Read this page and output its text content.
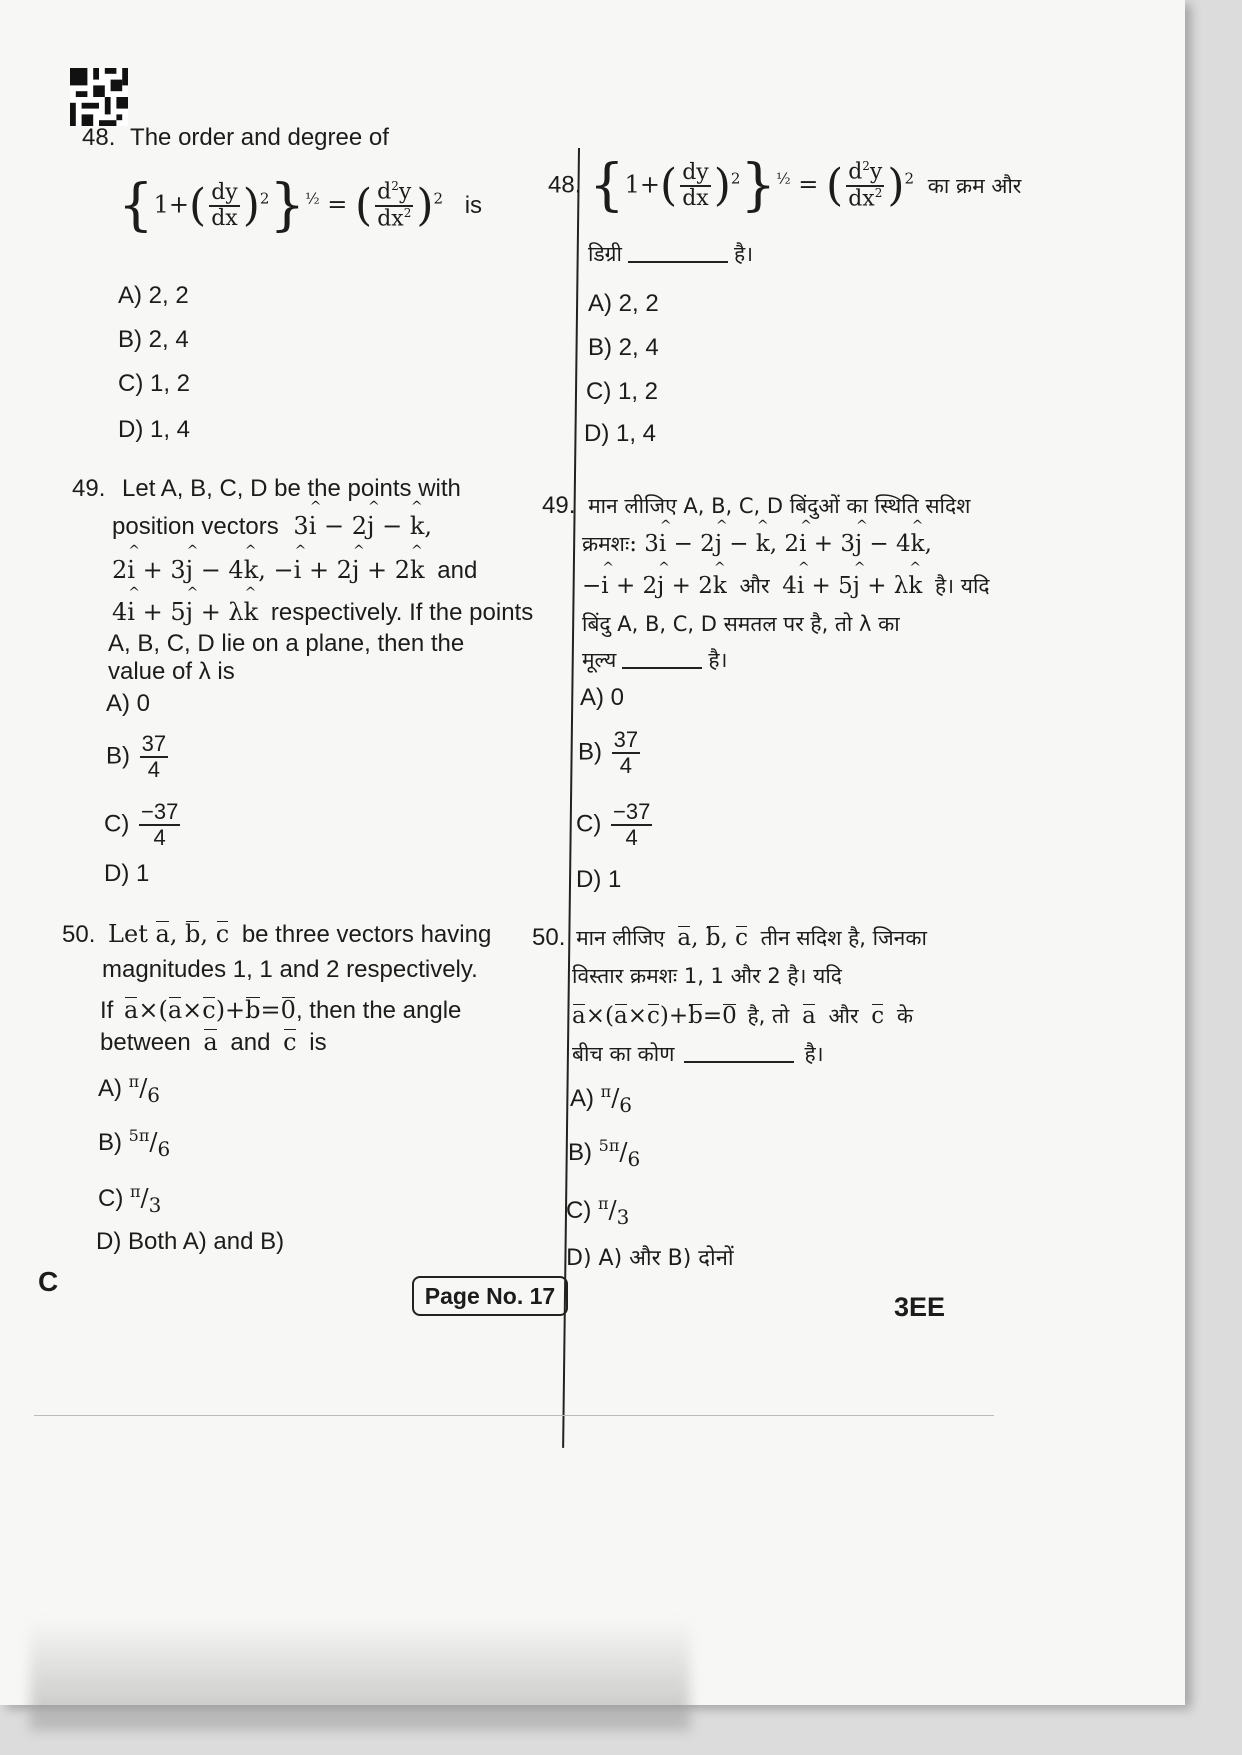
48. The order and degree of
$\{1+( \frac{dy}{dx} )^2\}^{\frac{1}{2}}$ = ( $\frac{d^2y}{dx^2} )^2$ is
A) 2, 2
B) 2, 4
C) 1, 2
D) 1, 4
49. Let A, B, C, D be the points with
position vectors 3i ^ − 2j ^ − k ^,
2i ^ + 3j ^ − 4k ^, −i ^ + 2j ^ + 2k ^ and
4i ^ + 5j ^ + λk ^ respectively. If the points
A, B, C, D lie on a plane, then the
value of λ is
A) 0
$B) \frac{37}{4}$
$C) \frac{-37}{4}$
D) 1
50. Let a, b, c be three vectors having
magnitudes 1, 1 and 2 respectively.
If a×(a×c)+b=0, then the angle
between a and c is
A) $^\pi/_6$
B) $^{5\pi}/_6$
C) $^\pi/_3$
D) Both A) and B)
48. $\{1+( \frac{dy}{dx} )^2\}^{\frac{1}{2}}$ = ( $\frac{d^2y}{dx^2} )^2$ का क्रम और
डिग्री	है।
A) 2, 2
B) 2, 4
C) 1, 2
D) 1, 4
49. मान लीजिए A, B, C, D बिंदुओं का स्थिति सदिश
क्रमशः: 3i ^ − 2j ^ − k ^, 2i ^ + 3j ^ − 4k ^,
−i ^ + 2j ^ + 2k ^ और 4i ^ + 5j ^ + λk ^ है। यदि
बिंदु A, B, C, D समतल पर है, तो λ का
मूल्य	है।
A) 0
$B) \frac{37}{4}$
$C) \frac{-37}{4}$
D) 1
50. मान लीजिए a, b, c तीन सदिश है, जिनका
विस्तार क्रमशः 1, 1 और 2 है। यदि
a×(a×c)+b=0 है, तो a और c के
बीच का कोण	है।
A) $^\pi/_6$
B) $^{5\pi}/_6$
C) $^\pi/_3$
D) A) और B) दोनों
C	Page No. 17	3EE
